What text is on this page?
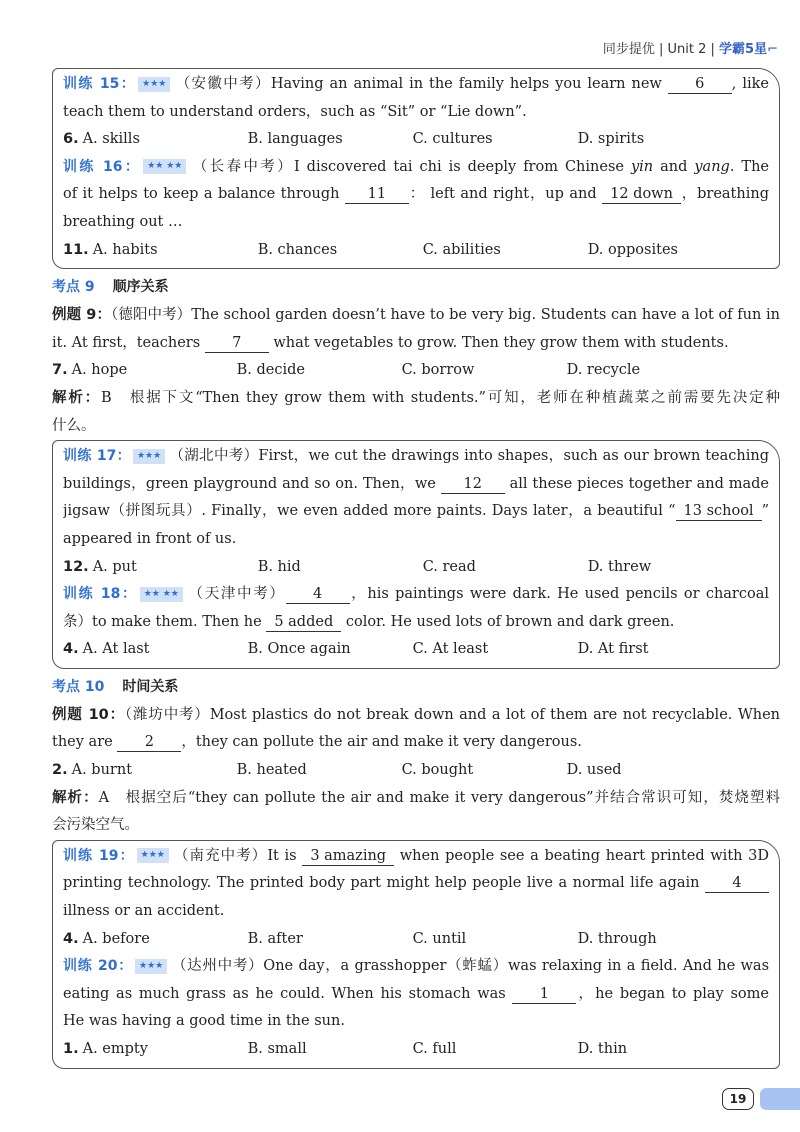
同步提优 | Unit 2 | 学霸5星⌐
训练 15： ★★★ （安徽中考）Having an animal in the family helps you learn new 6 , like
teach them to understand orders，such as “Sit” or “Lie down”.
6. A. skills	B. languages	C. cultures	D. spirits
训练 16： ★★ ★★ （长春中考）I discovered tai chi is deeply from Chinese yin and yang. The
of it helps to keep a balance through 11 ： left and right，up and 12 down ，breathing
breathing out …
11. A. habits	B. chances	C. abilities	D. opposites
考点 9 顺序关系
例题 9：（德阳中考）The school garden doesn’t have to be very big. Students can have a lot of fun in
it. At first，teachers 7 what vegetables to grow. Then they grow them with students.
7. A. hope	B. decide	C. borrow	D. recycle
解析：B　根据下文“Then they grow them with students.”可知，老师在种植蔬菜之前需要先决定种
什么。
训练 17： ★★★ （湖北中考）First，we cut the drawings into shapes，such as our brown teaching
buildings，green playground and so on. Then，we 12 all these pieces together and made
jigsaw（拼图玩具）. Finally，we even added more paints. Days later，a beautiful “ 13 school ”
appeared in front of us.
12. A. put	B. hid	C. read	D. threw
训练 18： ★★ ★★ （天津中考） 4 ，his paintings were dark. He used pencils or charcoal
条）to make them. Then he 5 added color. He used lots of brown and dark green.
4. A. At last	B. Once again	C. At least	D. At first
考点 10 时间关系
例题 10：（潍坊中考）Most plastics do not break down and a lot of them are not recyclable. When
they are 2 ，they can pollute the air and make it very dangerous.
2. A. burnt	B. heated	C. bought	D. used
解析：A　根据空后“they can pollute the air and make it very dangerous”并结合常识可知，焚烧塑料
会污染空气。
训练 19： ★★★ （南充中考）It is 3 amazing when people see a beating heart printed with 3D
printing technology. The printed body part might help people live a normal life again 4
illness or an accident.
4. A. before	B. after	C. until	D. through
训练 20： ★★★ （达州中考）One day，a grasshopper（蚱蜢）was relaxing in a field. And he was
eating as much grass as he could. When his stomach was 1 ，he began to play some
He was having a good time in the sun.
1. A. empty	B. small	C. full	D. thin
19
